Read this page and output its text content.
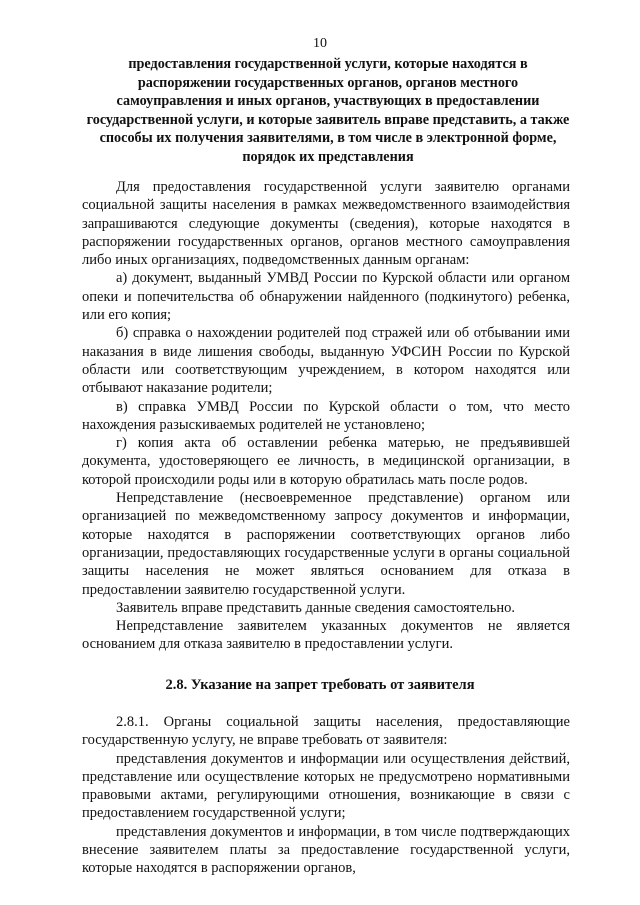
10
предоставления государственной услуги, которые находятся в распоряжении государственных органов, органов местного самоуправления и иных органов, участвующих в предоставлении государственной услуги, и которые заявитель вправе представить, а также способы их получения заявителями, в том числе в электронной форме, порядок их представления

Для предоставления государственной услуги заявителю органами социальной защиты населения в рамках межведомственного взаимодействия запрашиваются следующие документы (сведения), которые находятся в распоряжении государственных органов, органов местного самоуправления либо иных организациях, подведомственных данным органам:

а) документ, выданный УМВД России по Курской области или органом опеки и попечительства об обнаружении найденного (подкинутого) ребенка, или его копия;

б) справка о нахождении родителей под стражей или об отбывании ими наказания в виде лишения свободы, выданную УФСИН России по Курской области или соответствующим учреждением, в котором находятся или отбывают наказание родители;

в) справка УМВД России по Курской области о том, что место нахождения разыскиваемых родителей не установлено;

г) копия акта об оставлении ребенка матерью, не предъявившей документа, удостоверяющего ее личность, в медицинской организации, в которой происходили роды или в которую обратилась мать после родов.

Непредставление (несвоевременное представление) органом или организацией по межведомственному запросу документов и информации, которые находятся в распоряжении соответствующих органов либо организации, предоставляющих государственные услуги в органы социальной защиты населения не может являться основанием для отказа в предоставлении заявителю государственной услуги.

Заявитель вправе представить данные сведения самостоятельно.

Непредставление заявителем указанных документов не является основанием для отказа заявителю в предоставлении услуги.

2.8. Указание на запрет требовать от заявителя

2.8.1. Органы социальной защиты населения, предоставляющие государственную услугу, не вправе требовать от заявителя:

представления документов и информации или осуществления действий, представление или осуществление которых не предусмотрено нормативными правовыми актами, регулирующими отношения, возникающие в связи с предоставлением государственной услуги;

представления документов и информации, в том числе подтверждающих внесение заявителем платы за предоставление государственной услуги, которые находятся в распоряжении органов,
